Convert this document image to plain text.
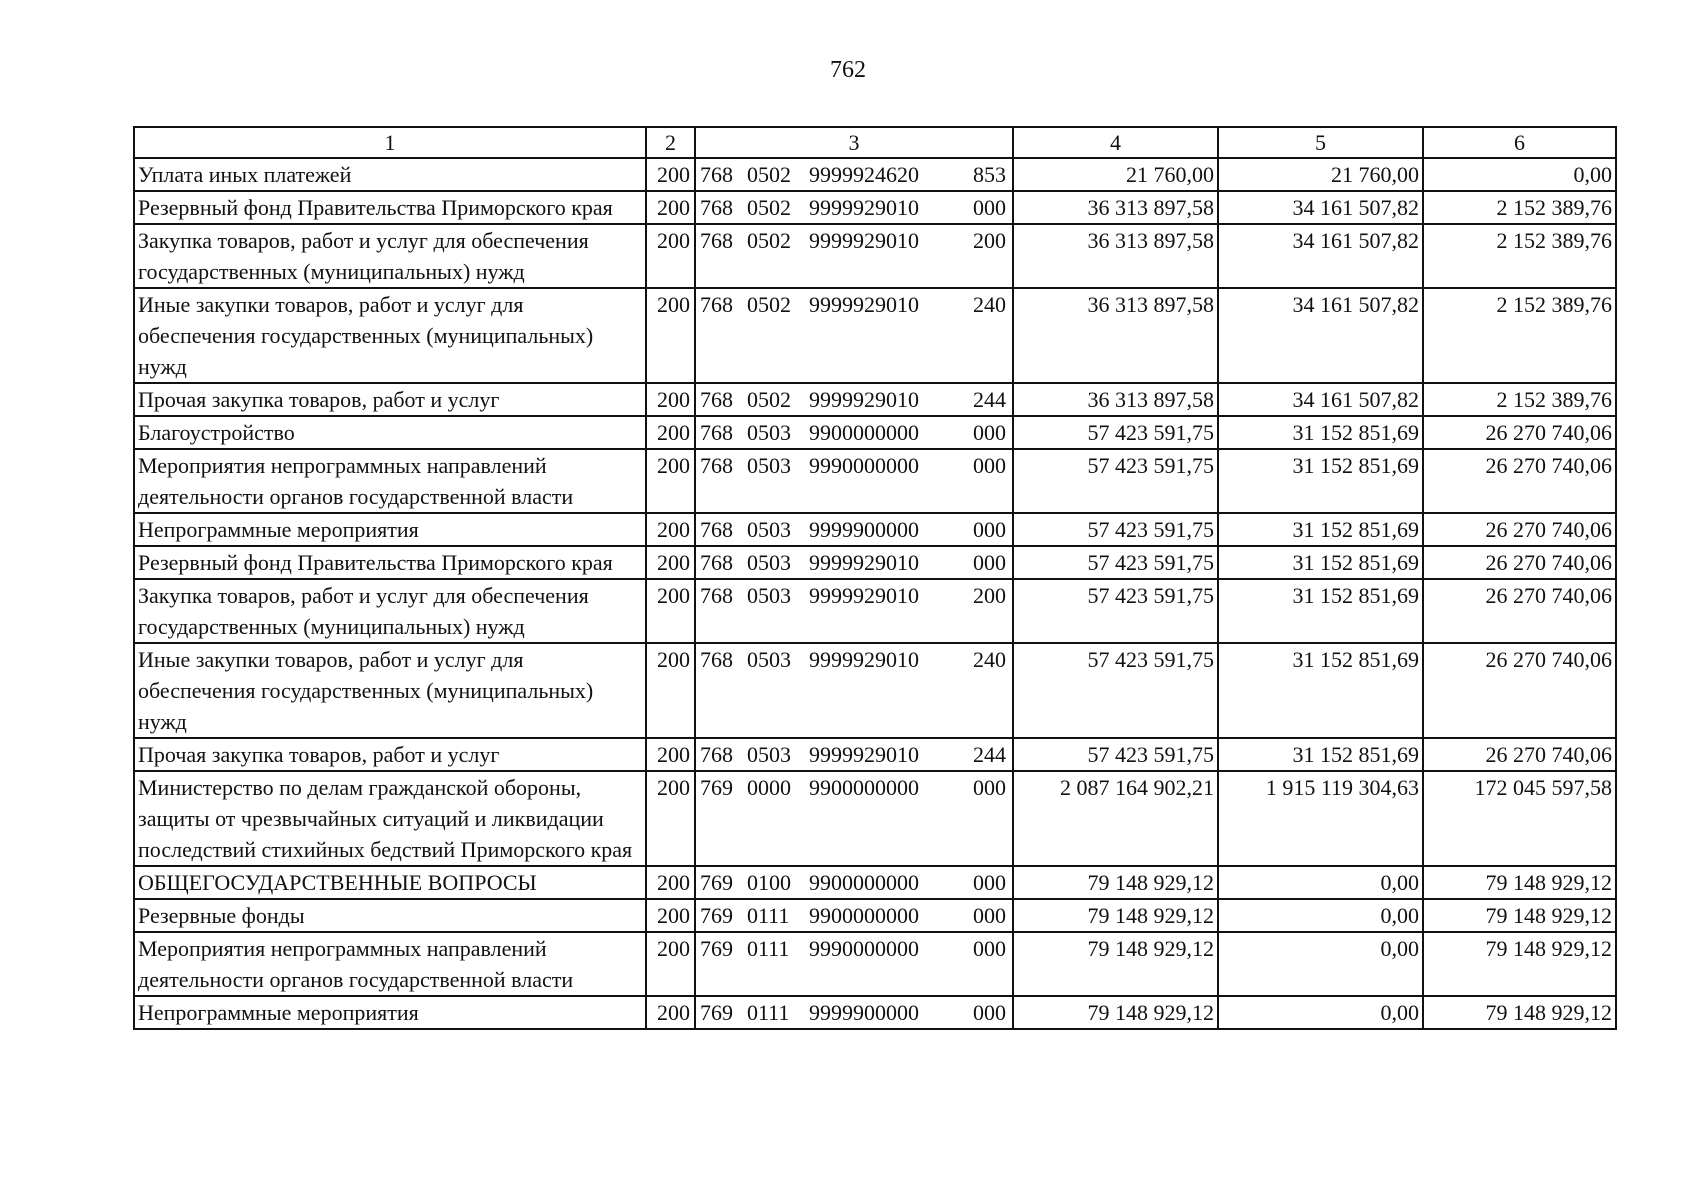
762
1	2	3	4	5	6
Уплата иных платежей	200	768 0502 9999924620 853	21 760,00	21 760,00	0,00
Резервный фонд Правительства Приморского края	200	768 0502 9999929010 000	36 313 897,58	34 161 507,82	2 152 389,76
Закупка товаров, работ и услуг для обеспечения государственных (муниципальных) нужд	200	768 0502 9999929010 200	36 313 897,58	34 161 507,82	2 152 389,76
Иные закупки товаров, работ и услуг для обеспечения государственных (муниципальных) нужд	200	768 0502 9999929010 240	36 313 897,58	34 161 507,82	2 152 389,76
Прочая закупка товаров, работ и услуг	200	768 0502 9999929010 244	36 313 897,58	34 161 507,82	2 152 389,76
Благоустройство	200	768 0503 9900000000 000	57 423 591,75	31 152 851,69	26 270 740,06
Мероприятия непрограммных направлений деятельности органов государственной власти	200	768 0503 9990000000 000	57 423 591,75	31 152 851,69	26 270 740,06
Непрограммные мероприятия	200	768 0503 9999900000 000	57 423 591,75	31 152 851,69	26 270 740,06
Резервный фонд Правительства Приморского края	200	768 0503 9999929010 000	57 423 591,75	31 152 851,69	26 270 740,06
Закупка товаров, работ и услуг для обеспечения государственных (муниципальных) нужд	200	768 0503 9999929010 200	57 423 591,75	31 152 851,69	26 270 740,06
Иные закупки товаров, работ и услуг для обеспечения государственных (муниципальных) нужд	200	768 0503 9999929010 240	57 423 591,75	31 152 851,69	26 270 740,06
Прочая закупка товаров, работ и услуг	200	768 0503 9999929010 244	57 423 591,75	31 152 851,69	26 270 740,06
Министерство по делам гражданской обороны, защиты от чрезвычайных ситуаций и ликвидации последствий стихийных бедствий Приморского края	200	769 0000 9900000000 000	2 087 164 902,21	1 915 119 304,63	172 045 597,58
ОБЩЕГОСУДАРСТВЕННЫЕ ВОПРОСЫ	200	769 0100 9900000000 000	79 148 929,12	0,00	79 148 929,12
Резервные фонды	200	769 0111 9900000000 000	79 148 929,12	0,00	79 148 929,12
Мероприятия непрограммных направлений деятельности органов государственной власти	200	769 0111 9990000000 000	79 148 929,12	0,00	79 148 929,12
Непрограммные мероприятия	200	769 0111 9999900000 000	79 148 929,12	0,00	79 148 929,12
